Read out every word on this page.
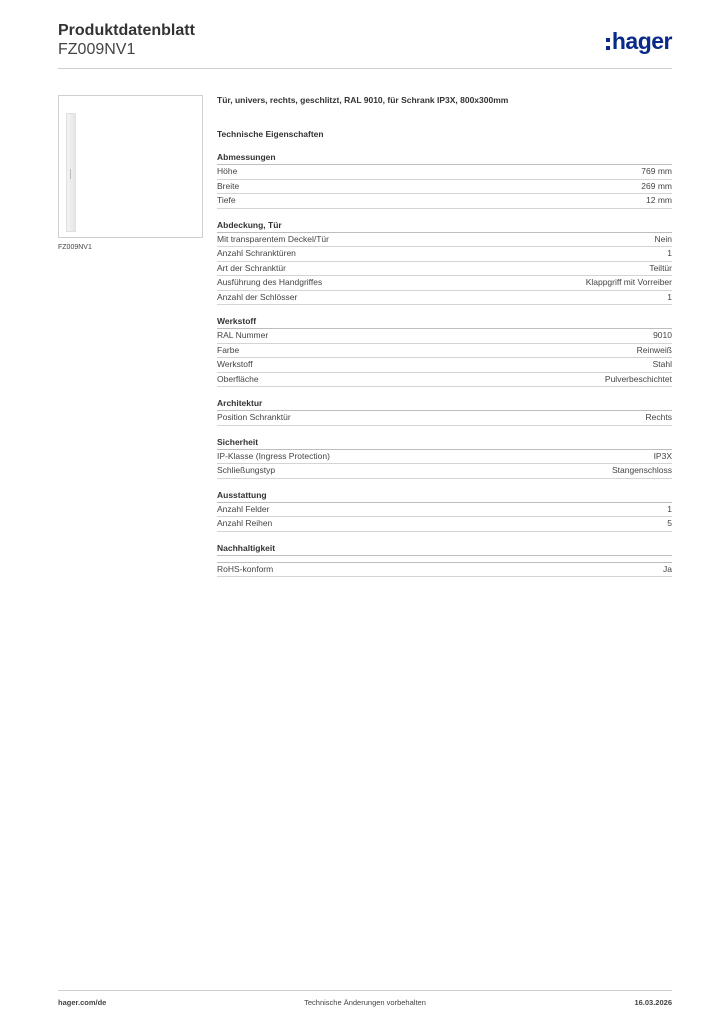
Produktdatenblatt
FZ009NV1	hager
FZ009NV1
Tür, univers, rechts, geschlitzt, RAL 9010, für Schrank IP3X, 800x300mm
Technische Eigenschaften
Abmessungen
Höhe	769 mm
Breite	269 mm
Tiefe	12 mm
Abdeckung, Tür
Mit transparentem Deckel/Tür	Nein
Anzahl Schranktüren	1
Art der Schranktür	Teiltür
Ausführung des Handgriffes	Klappgriff mit Vorreiber
Anzahl der Schlösser	1
Werkstoff
RAL Nummer	9010
Farbe	Reinweiß
Werkstoff	Stahl
Oberfläche	Pulverbeschichtet
Architektur
Position Schranktür	Rechts
Sicherheit
IP-Klasse (Ingress Protection)	IP3X
Schließungstyp	Stangenschloss
Ausstattung
Anzahl Felder	1
Anzahl Reihen	5
Nachhaltigkeit
RoHS-konform	Ja
hager.com/de	Technische Änderungen vorbehalten	16.03.2026
